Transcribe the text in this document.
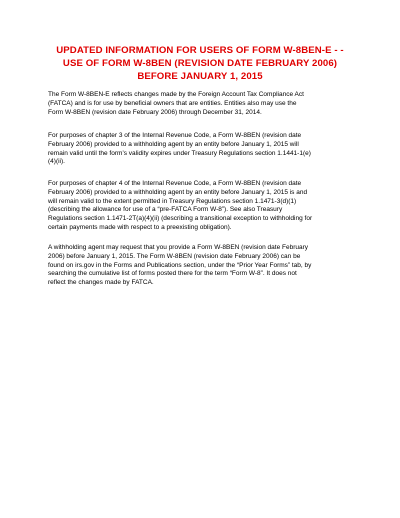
UPDATED INFORMATION FOR USERS OF FORM W-8BEN-E - -
USE OF FORM W-8BEN (REVISION DATE FEBRUARY 2006)
BEFORE JANUARY 1, 2015

The Form W-8BEN-E reflects changes made by the Foreign Account Tax Compliance Act
(FATCA) and is for use by beneficial owners that are entities. Entities also may use the
Form W-8BEN (revision date February 2006) through December 31, 2014.

For purposes of chapter 3 of the Internal Revenue Code, a Form W-8BEN (revision date
February 2006) provided to a withholding agent by an entity before January 1, 2015 will
remain valid until the form’s validity expires under Treasury Regulations section 1.1441-1(e)
(4)(ii).

For purposes of chapter 4 of the Internal Revenue Code, a Form W-8BEN (revision date
February 2006) provided to a withholding agent by an entity before January 1, 2015 is and
will remain valid to the extent permitted in Treasury Regulations section 1.1471-3(d)(1)
(describing the allowance for use of a “pre-FATCA Form W-8”). See also Treasury
Regulations section 1.1471-2T(a)(4)(ii) (describing a transitional exception to withholding for
certain payments made with respect to a preexisting obligation).

A withholding agent may request that you provide a Form W-8BEN (revision date February
2006) before January 1, 2015. The Form W-8BEN (revision date February 2006) can be
found on irs.gov in the Forms and Publications section, under the “Prior Year Forms” tab, by
searching the cumulative list of forms posted there for the term “Form W-8”. It does not
reflect the changes made by FATCA.
